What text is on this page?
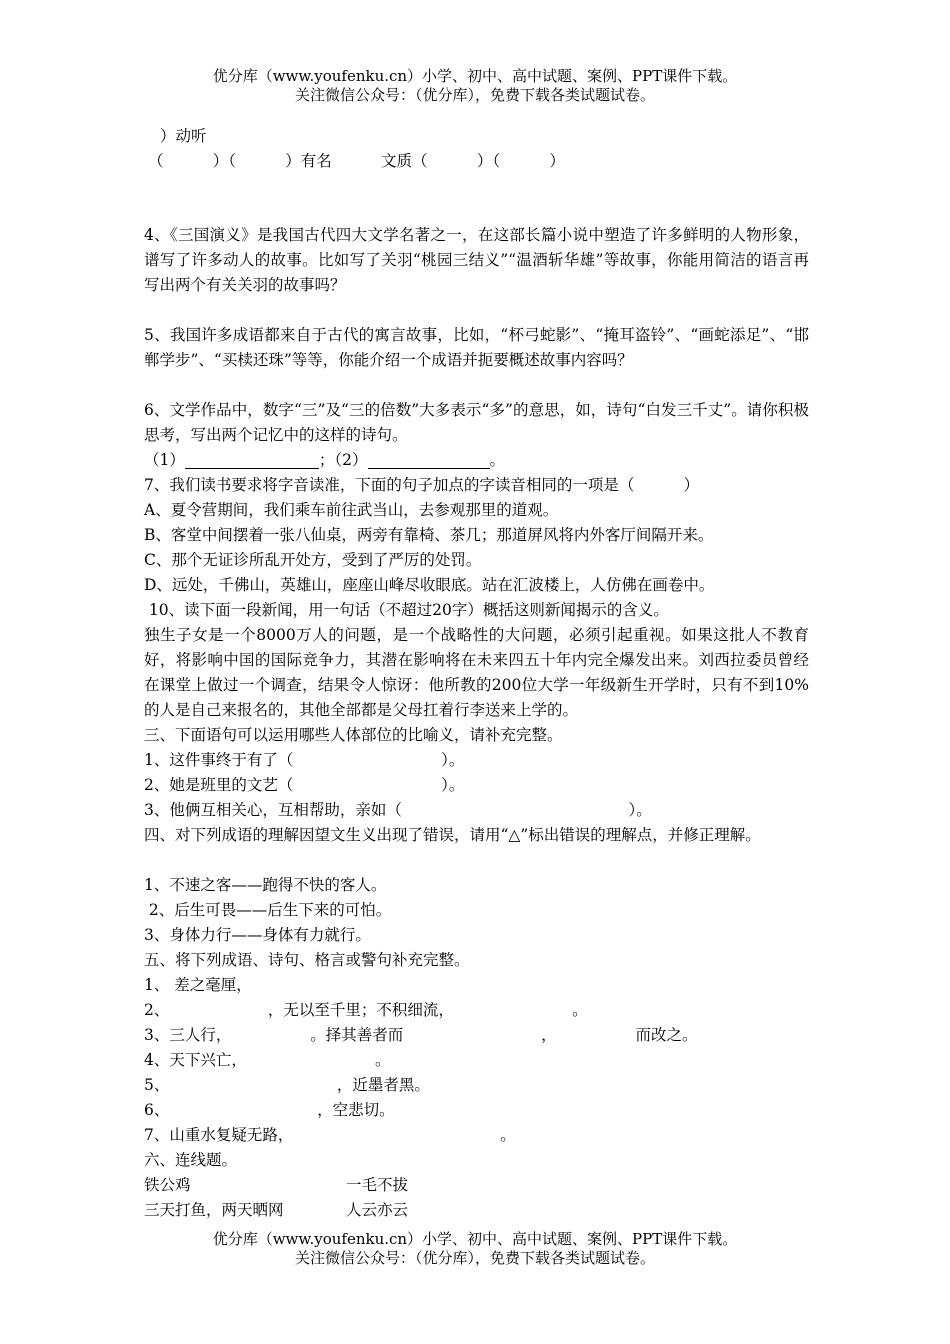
优分库（www.youfenku.cn）小学、初中、高中试题、案例、PPT课件下载。
关注微信公众号：（优分库），免费下载各类试题试卷。
）动听
（          ）（          ）有名          文质（          ）（          ）
4、《三国演义》是我国古代四大文学名著之一，在这部长篇小说中塑造了许多鲜明的人物形象，谱写了许多动人的故事。比如写了关羽“桃园三结义”“温酒斩华雄”等故事，你能用简洁的语言再写出两个有关关羽的故事吗？
5、我国许多成语都来自于古代的寓言故事，比如，“杯弓蛇影”、“掩耳盗铃”、“画蛇添足”、“邯郸学步”、“买椟还珠”等等，你能介绍一个成语并扼要概述故事内容吗？
6、文学作品中，数字“三”及“三的倍数”大多表示“多”的意思，如，诗句“白发三千丈”。请你积极思考，写出两个记忆中的这样的诗句。
（1）	；（2）	。
7、我们读书要求将字音读准，下面的句子加点的字读音相同的一项是（          ）
A、夏令营期间，我们乘车前往武当山，去参观那里的道观。
B、客堂中间摆着一张八仙桌，两旁有靠椅、茶几；那道屏风将内外客厅间隔开来。
C、那个无证诊所乱开处方，受到了严厉的处罚。
D、远处，千佛山，英雄山，座座山峰尽收眼底。站在汇波楼上，人仿佛在画卷中。
10、读下面一段新闻，用一句话（不超过20字）概括这则新闻揭示的含义。
独生子女是一个8000万人的问题，是一个战略性的大问题，必须引起重视。如果这批人不教育好，将影响中国的国际竞争力，其潜在影响将在未来四五十年内完全爆发出来。刘西拉委员曾经在课堂上做过一个调查，结果令人惊讶：他所教的200位大学一年级新生开学时，只有不到10%的人是自己来报名的，其他全部都是父母扛着行李送来上学的。
三、下面语句可以运用哪些人体部位的比喻义，请补充完整。
1、这件事终于有了（                              ）。
2、她是班里的文艺（                              ）。
3、他俩互相关心，互相帮助，亲如（                                              ）。
四、对下列成语的理解因望文生义出现了错误，请用“△”标出错误的理解点，并修正理解。
1、不速之客——跑得不快的客人。
2、后生可畏——后生下来的可怕。
3、身体力行——身体有力就行。
五、将下列成语、诗句、格言或警句补充完整。
1、 差之毫厘，
2、                    ，无以至千里；不积细流，                        。
3、三人行，                。择其善者而                            ，                而改之。
4、天下兴亡，                          。
5、                                  ，近墨者黑。
6、                              ，空悲切。
7、山重水复疑无路，                                          。
六、连线题。
铁公鸡	一毛不拔
三天打鱼，两天晒网	人云亦云
优分库（www.youfenku.cn）小学、初中、高中试题、案例、PPT课件下载。
关注微信公众号：（优分库），免费下载各类试题试卷。
